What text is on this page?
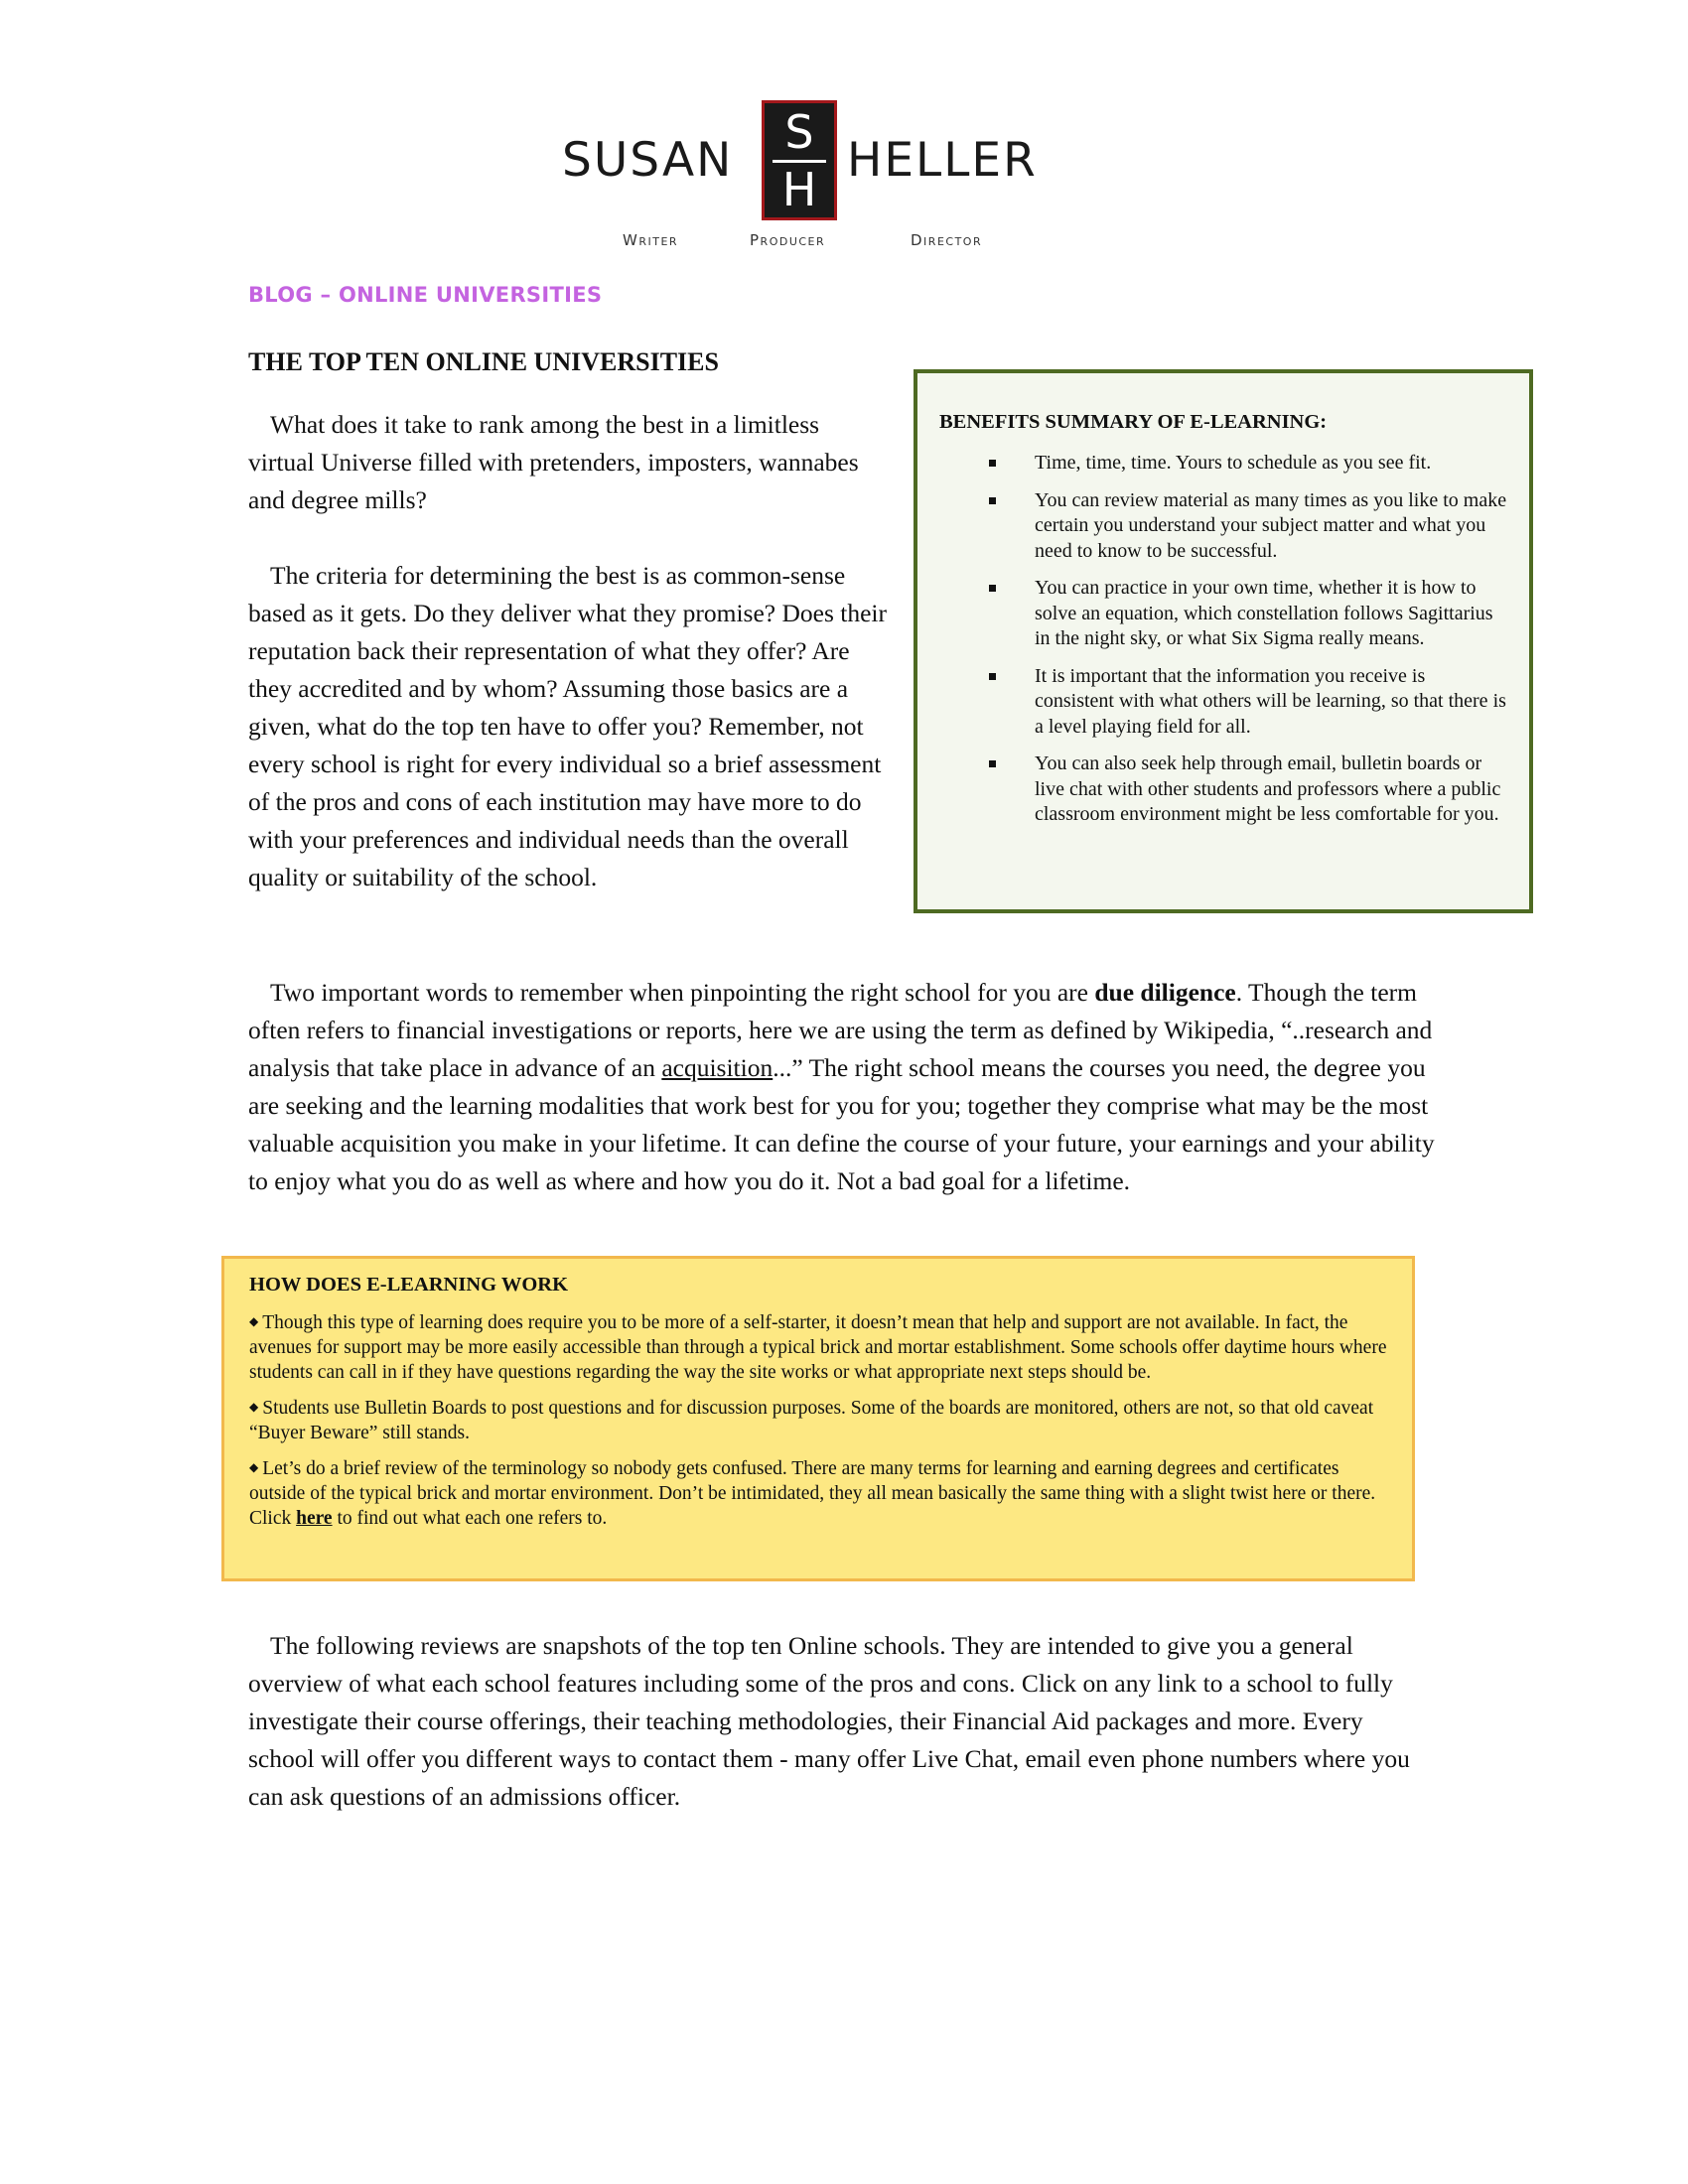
SUSAN
S
H
HELLER
Writer	Producer	Director
BLOG – ONLINE UNIVERSITIES
THE TOP TEN ONLINE UNIVERSITIES

What does it take to rank among the best in a limitless virtual Universe filled with pretenders, imposters, wannabes and degree mills?

The criteria for determining the best is as common-sense based as it gets. Do they deliver what they promise? Does their reputation back their representation of what they offer? Are they accredited and by whom? Assuming those basics are a given, what do the top ten have to offer you? Remember, not every school is right for every individual so a brief assessment of the pros and cons of each institution may have more to do with your preferences and individual needs than the overall quality or suitability of the school.

BENEFITS SUMMARY OF E-LEARNING:
Time, time, time. Yours to schedule as you see fit.
You can review material as many times as you like to make certain you understand your subject matter and what you need to know to be successful.
You can practice in your own time, whether it is how to solve an equation, which constellation follows Sagittarius in the night sky, or what Six Sigma really means.
It is important that the information you receive is consistent with what others will be learning, so that there is a level playing field for all.
You can also seek help through email, bulletin boards or live chat with other students and professors where a public classroom environment might be less comfortable for you.

Two important words to remember when pinpointing the right school for you are due diligence. Though the term often refers to financial investigations or reports, here we are using the term as defined by Wikipedia, “..research and analysis that take place in advance of an acquisition...” The right school means the courses you need, the degree you are seeking and the learning modalities that work best for you for you; together they comprise what may be the most valuable acquisition you make in your lifetime. It can define the course of your future, your earnings and your ability to enjoy what you do as well as where and how you do it. Not a bad goal for a lifetime.

HOW DOES E-LEARNING WORK

◆ Though this type of learning does require you to be more of a self-starter, it doesn’t mean that help and support are not available. In fact, the avenues for support may be more easily accessible than through a typical brick and mortar establishment. Some schools offer daytime hours where students can call in if they have questions regarding the way the site works or what appropriate next steps should be.

◆ Students use Bulletin Boards to post questions and for discussion purposes. Some of the boards are monitored, others are not, so that old caveat “Buyer Beware” still stands.

◆ Let’s do a brief review of the terminology so nobody gets confused. There are many terms for learning and earning degrees and certificates outside of the typical brick and mortar environment. Don’t be intimidated, they all mean basically the same thing with a slight twist here or there. Click here to find out what each one refers to.

The following reviews are snapshots of the top ten Online schools. They are intended to give you a general overview of what each school features including some of the pros and cons. Click on any link to a school to fully investigate their course offerings, their teaching methodologies, their Financial Aid packages and more. Every school will offer you different ways to contact them - many offer Live Chat, email even phone numbers where you can ask questions of an admissions officer.
